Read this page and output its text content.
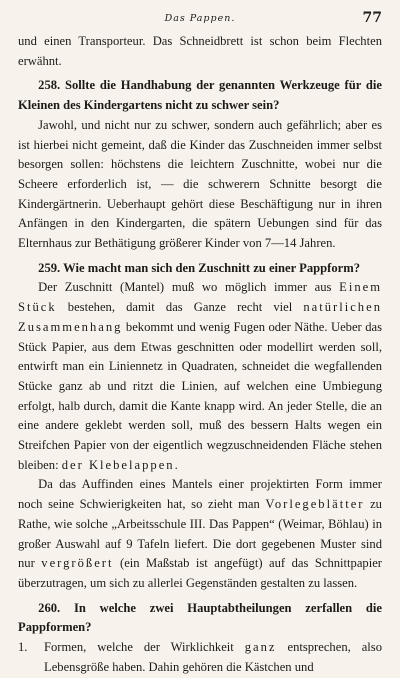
Das Pappen.	77

und einen Transporteur. Das Schneidbrett ist schon beim Flechten erwähnt.

258. Sollte die Handhabung der genannten Werkzeuge für die Kleinen des Kindergartens nicht zu schwer sein?

Jawohl, und nicht nur zu schwer, sondern auch gefährlich; aber es ist hierbei nicht gemeint, daß die Kinder das Zuschneiden immer selbst besorgen sollen: höchstens die leichtern Zuschnitte, wobei nur die Scheere erforderlich ist, — die schwerern Schnitte besorgt die Kindergärtnerin. Ueberhaupt gehört diese Beschäftigung nur in ihren Anfängen in den Kindergarten, die spätern Uebungen sind für das Elternhaus zur Bethätigung größerer Kinder von 7—14 Jahren.

259. Wie macht man sich den Zuschnitt zu einer Pappform?

Der Zuschnitt (Mantel) muß wo möglich immer aus Einem Stück bestehen, damit das Ganze recht viel natürlichen Zusammenhang bekommt und wenig Fugen oder Näthe. Ueber das Stück Papier, aus dem Etwas geschnitten oder modellirt werden soll, entwirft man ein Liniennetz in Quadraten, schneidet die wegfallenden Stücke ganz ab und ritzt die Linien, auf welchen eine Umbiegung erfolgt, halb durch, damit die Kante knapp wird. An jeder Stelle, die an eine andere geklebt werden soll, muß des bessern Halts wegen ein Streifchen Papier von der eigentlich wegzuschneidenden Fläche stehen bleiben: der Klebelappen.

Da das Auffinden eines Mantels einer projektirten Form immer noch seine Schwierigkeiten hat, so zieht man Vorlegeblätter zu Rathe, wie solche „Arbeitsschule III. Das Pappen“ (Weimar, Böhlau) in großer Auswahl auf 9 Tafeln liefert. Die dort gegebenen Muster sind nur vergrößert (ein Maßstab ist angefügt) auf das Schnittpapier überzutragen, um sich zu allerlei Gegenständen gestalten zu lassen.

260. In welche zwei Hauptabtheilungen zerfallen die Pappformen?

1.	Formen, welche der Wirklichkeit ganz entsprechen, also Lebensgröße haben. Dahin gehören die Kästchen und
